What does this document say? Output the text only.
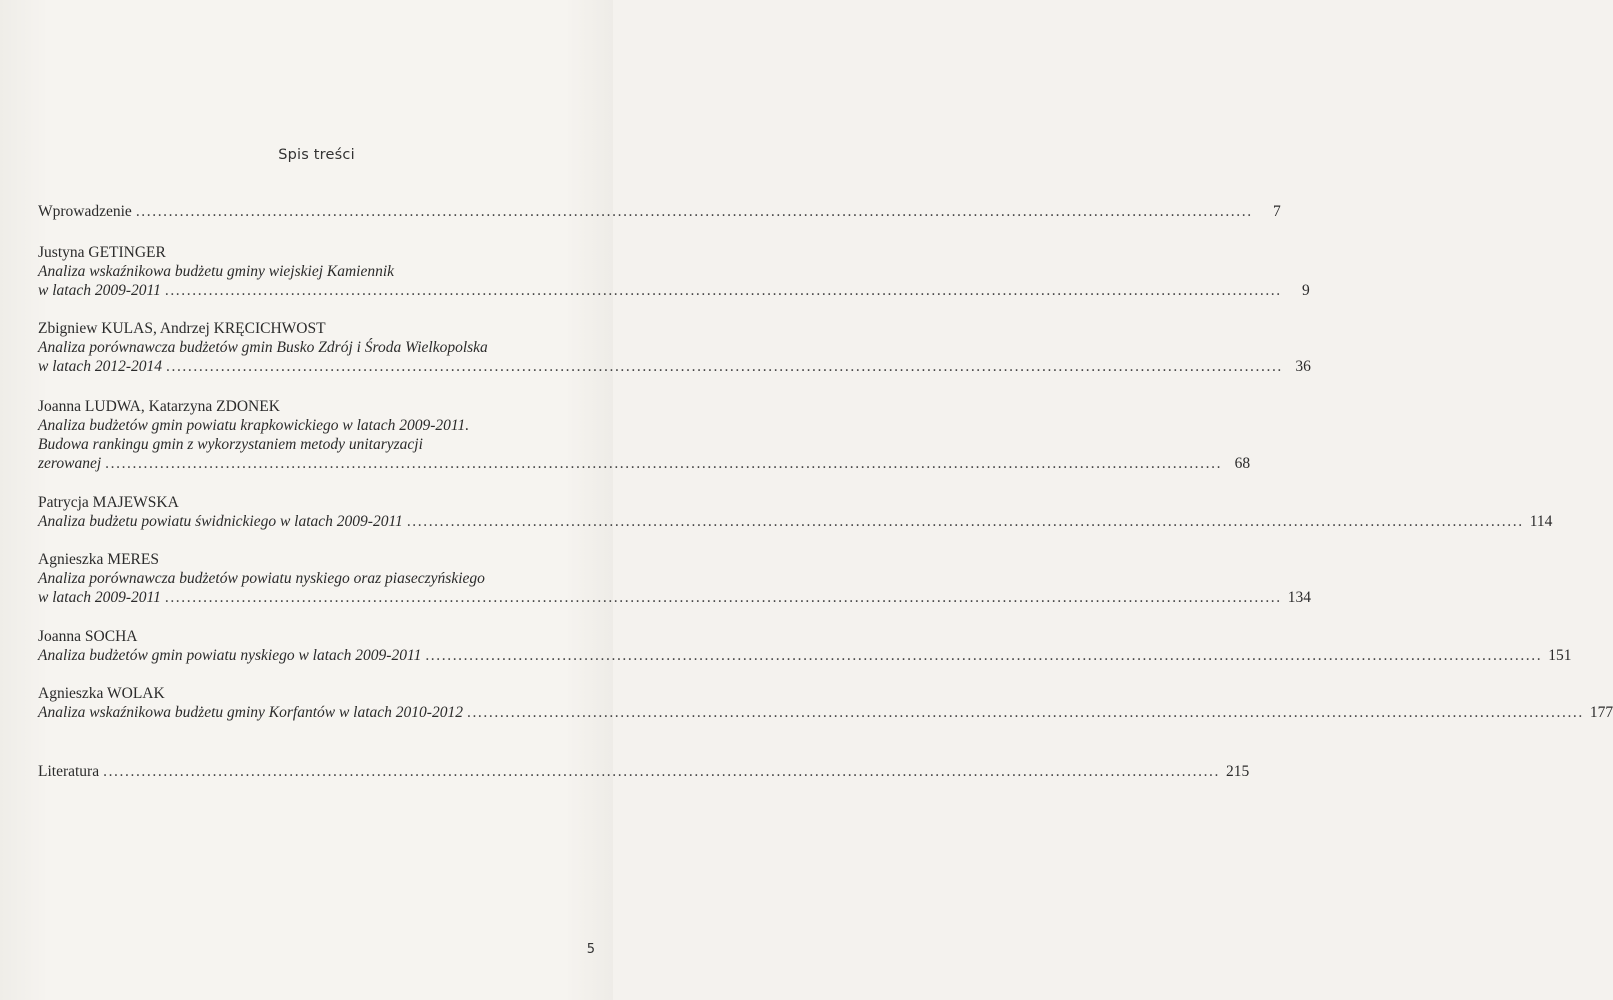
Spis treści
Wprowadzenie ............................................................................................................................................................................................................	7
Justyna GETINGER
Analiza wskaźnikowa budżetu gminy wiejskiej Kamiennik
w latach 2009-2011 ............................................................................................................................................................................................................	9
Zbigniew KULAS, Andrzej KRĘCICHWOST
Analiza porównawcza budżetów gmin Busko Zdrój i Środa Wielkopolska
w latach 2012-2014 ............................................................................................................................................................................................................ 36
Joanna LUDWA, Katarzyna ZDONEK
Analiza budżetów gmin powiatu krapkowickiego w latach 2009-2011.
Budowa rankingu gmin z wykorzystaniem metody unitaryzacji
zerowanej ............................................................................................................................................................................................................ 68
Patrycja MAJEWSKA
Analiza budżetu powiatu świdnickiego w latach 2009-2011 ............................................................................................................................................................................................................ 114
Agnieszka MERES
Analiza porównawcza budżetów powiatu nyskiego oraz piaseczyńskiego
w latach 2009-2011 ............................................................................................................................................................................................................ 134
Joanna SOCHA
Analiza budżetów gmin powiatu nyskiego w latach 2009-2011 ............................................................................................................................................................................................................ 151
Agnieszka WOLAK
Analiza wskaźnikowa budżetu gminy Korfantów w latach 2010-2012 ............................................................................................................................................................................................................ 177
Literatura ............................................................................................................................................................................................................ 215
5
